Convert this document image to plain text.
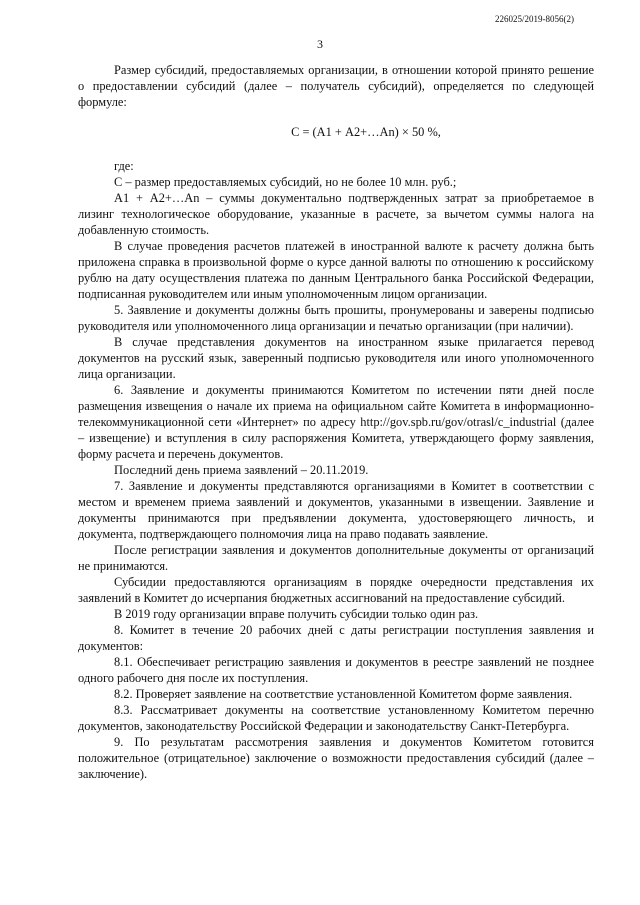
226025/2019-8056(2)
3

Размер субсидий, предоставляемых организации, в отношении которой принято решение о предоставлении субсидий (далее – получатель субсидий), определяется по следующей формуле:

С = (А1 + А2+…Аn) × 50 %,

где:

С – размер предоставляемых субсидий, но не более 10 млн. руб.;

А1 + А2+…Аn – суммы документально подтвержденных затрат за приобретаемое в лизинг технологическое оборудование, указанные в расчете, за вычетом суммы налога на добавленную стоимость.

В случае проведения расчетов платежей в иностранной валюте к расчету должна быть приложена справка в произвольной форме о курсе данной валюты по отношению к российскому рублю на дату осуществления платежа по данным Центрального банка Российской Федерации, подписанная руководителем или иным уполномоченным лицом организации.

5. Заявление и документы должны быть прошиты, пронумерованы и заверены подписью руководителя или уполномоченного лица организации и печатью организации (при наличии).

В случае представления документов на иностранном языке прилагается перевод документов на русский язык, заверенный подписью руководителя или иного уполномоченного лица организации.

6. Заявление и документы принимаются Комитетом по истечении пяти дней после размещения извещения о начале их приема на официальном сайте Комитета в информационно-телекоммуникационной сети «Интернет» по адресу http://gov.spb.ru/gov/otrasl/c_industrial (далее – извещение) и вступления в силу распоряжения Комитета, утверждающего форму заявления, форму расчета и перечень документов.

Последний день приема заявлений – 20.11.2019.

7. Заявление и документы представляются организациями в Комитет в соответствии с местом и временем приема заявлений и документов, указанными в извещении. Заявление и документы принимаются при предъявлении документа, удостоверяющего личность, и документа, подтверждающего полномочия лица на право подавать заявление.

После регистрации заявления и документов дополнительные документы от организаций не принимаются.

Субсидии предоставляются организациям в порядке очередности представления их заявлений в Комитет до исчерпания бюджетных ассигнований на предоставление субсидий.

В 2019 году организации вправе получить субсидии только один раз.

8. Комитет в течение 20 рабочих дней с даты регистрации поступления заявления и документов:

8.1. Обеспечивает регистрацию заявления и документов в реестре заявлений не позднее одного рабочего дня после их поступления.

8.2. Проверяет заявление на соответствие установленной Комитетом форме заявления.

8.3. Рассматривает документы на соответствие установленному Комитетом перечню документов, законодательству Российской Федерации и законодательству Санкт-Петербурга.

9. По результатам рассмотрения заявления и документов Комитетом готовится положительное (отрицательное) заключение о возможности предоставления субсидий (далее – заключение).
